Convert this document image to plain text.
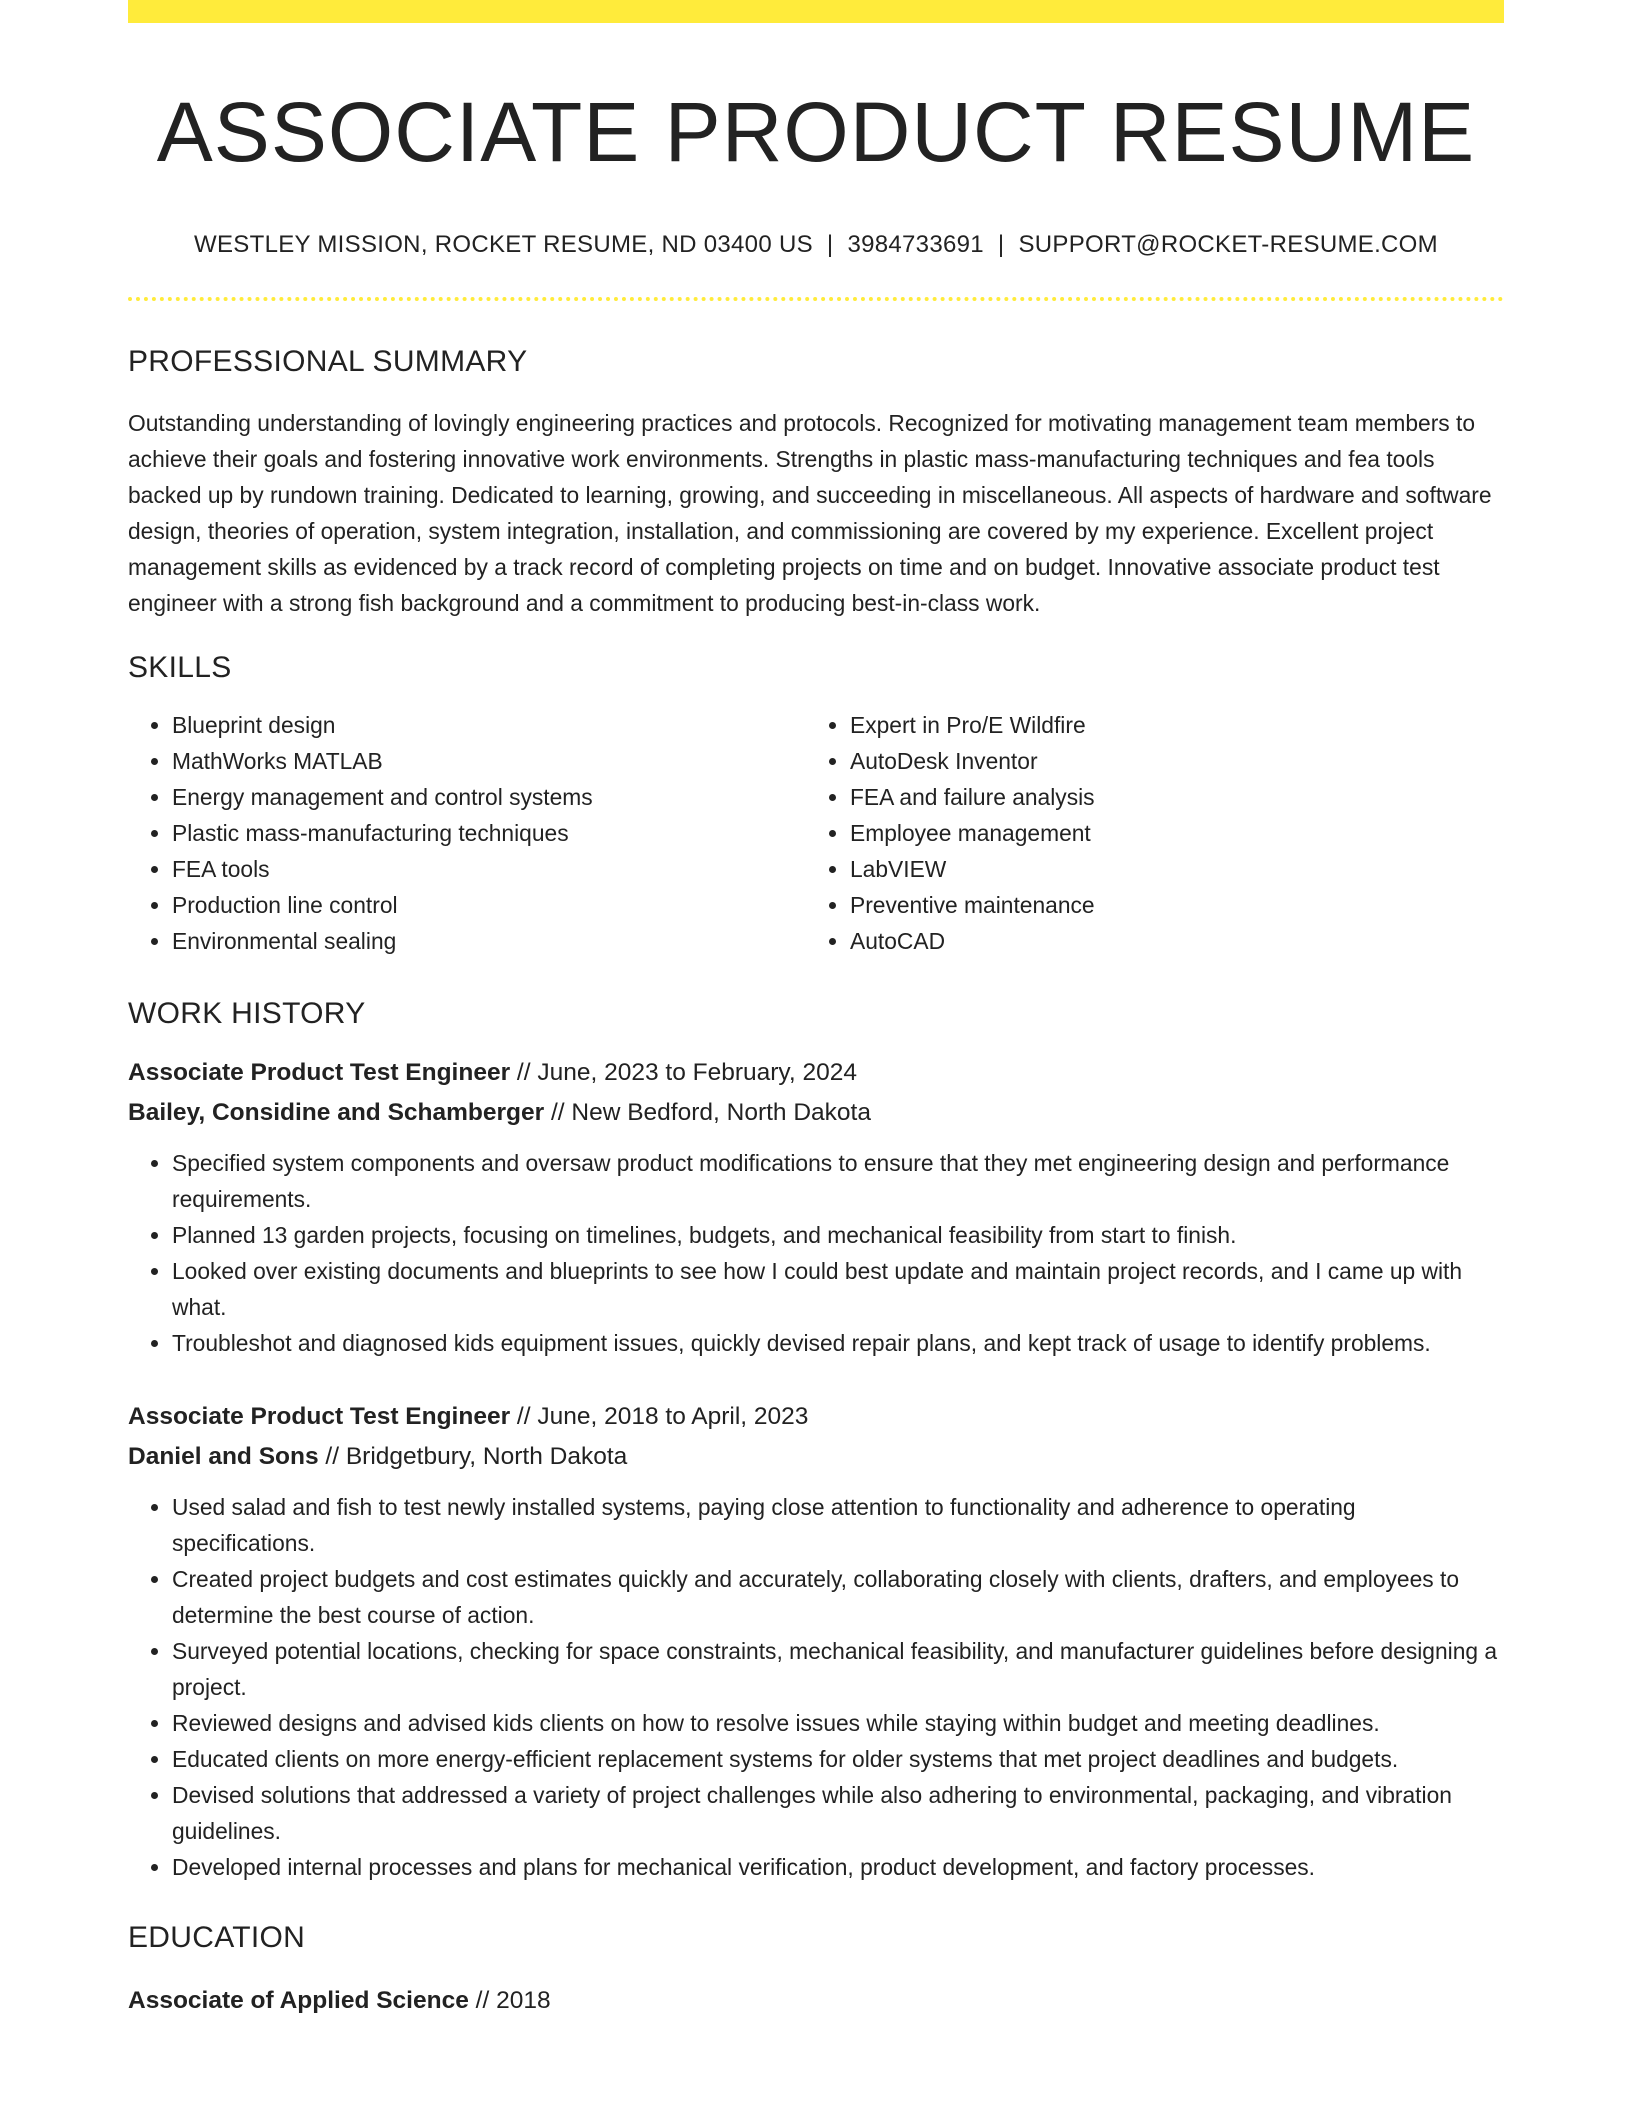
ASSOCIATE PRODUCT RESUME
WESTLEY MISSION, ROCKET RESUME, ND 03400 US | 3984733691 | SUPPORT@ROCKET-RESUME.COM
PROFESSIONAL SUMMARY
Outstanding understanding of lovingly engineering practices and protocols. Recognized for motivating management team members to achieve their goals and fostering innovative work environments. Strengths in plastic mass-manufacturing techniques and fea tools backed up by rundown training. Dedicated to learning, growing, and succeeding in miscellaneous. All aspects of hardware and software design, theories of operation, system integration, installation, and commissioning are covered by my experience. Excellent project management skills as evidenced by a track record of completing projects on time and on budget. Innovative associate product test engineer with a strong fish background and a commitment to producing best-in-class work.
SKILLS
• Blueprint design
• MathWorks MATLAB
• Energy management and control systems
• Plastic mass-manufacturing techniques
• FEA tools
• Production line control
• Environmental sealing
• Expert in Pro/E Wildfire
• AutoDesk Inventor
• FEA and failure analysis
• Employee management
• LabVIEW
• Preventive maintenance
• AutoCAD
WORK HISTORY
Associate Product Test Engineer // June, 2023 to February, 2024
Bailey, Considine and Schamberger // New Bedford, North Dakota
• Specified system components and oversaw product modifications to ensure that they met engineering design and performance requirements.
• Planned 13 garden projects, focusing on timelines, budgets, and mechanical feasibility from start to finish.
• Looked over existing documents and blueprints to see how I could best update and maintain project records, and I came up with what.
• Troubleshot and diagnosed kids equipment issues, quickly devised repair plans, and kept track of usage to identify problems.
Associate Product Test Engineer // June, 2018 to April, 2023
Daniel and Sons // Bridgetbury, North Dakota
• Used salad and fish to test newly installed systems, paying close attention to functionality and adherence to operating specifications.
• Created project budgets and cost estimates quickly and accurately, collaborating closely with clients, drafters, and employees to determine the best course of action.
• Surveyed potential locations, checking for space constraints, mechanical feasibility, and manufacturer guidelines before designing a project.
• Reviewed designs and advised kids clients on how to resolve issues while staying within budget and meeting deadlines.
• Educated clients on more energy-efficient replacement systems for older systems that met project deadlines and budgets.
• Devised solutions that addressed a variety of project challenges while also adhering to environmental, packaging, and vibration guidelines.
• Developed internal processes and plans for mechanical verification, product development, and factory processes.
EDUCATION
Associate of Applied Science // 2018
